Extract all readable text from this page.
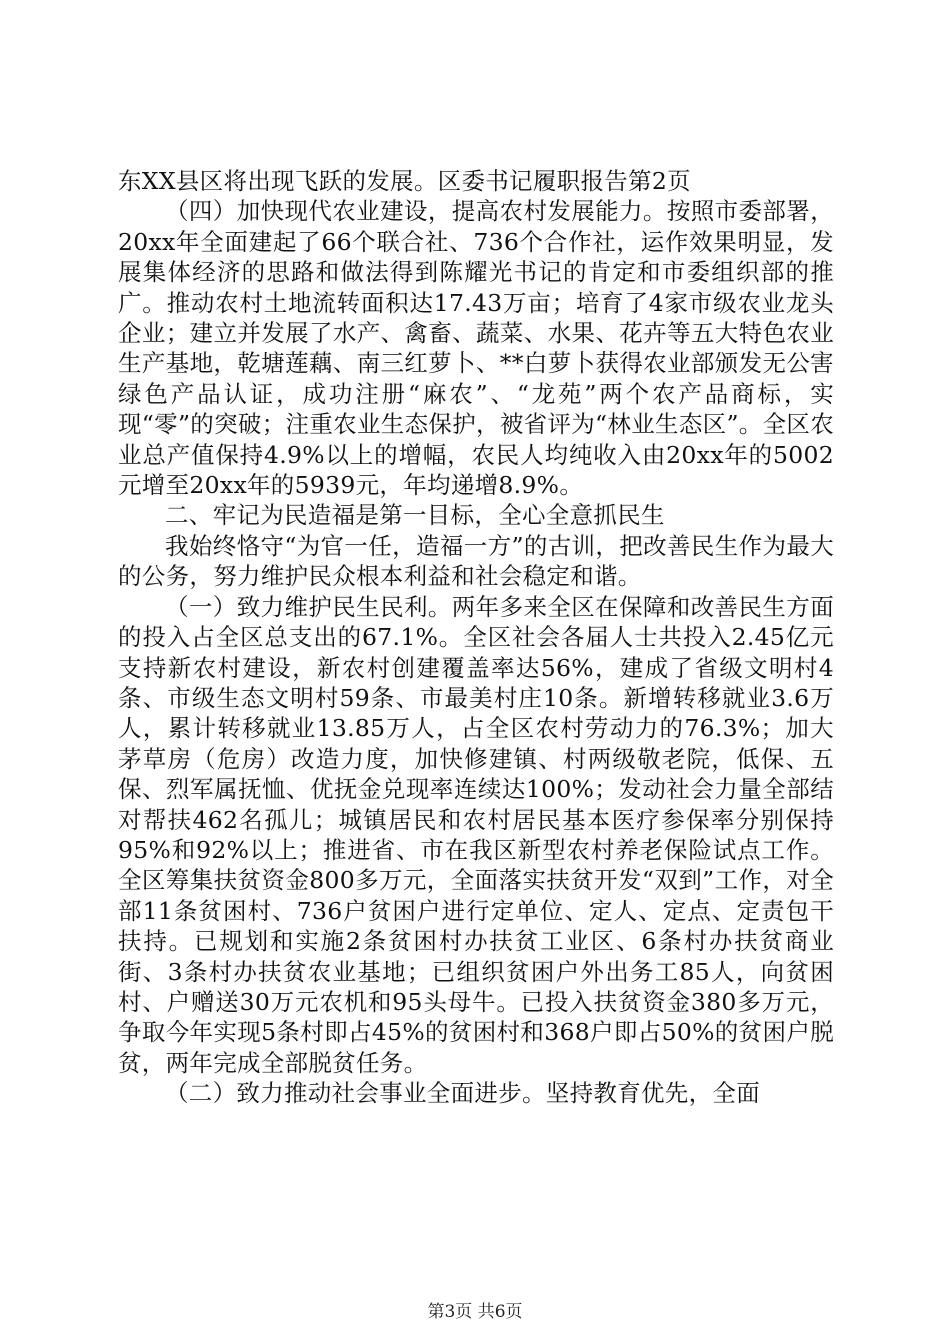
东XX县区将出现飞跃的发展。区委书记履职报告第2页

（四）加快现代农业建设，提高农村发展能力。按照市委部署，20xx年全面建起了66个联合社、736个合作社，运作效果明显，发展集体经济的思路和做法得到陈耀光书记的肯定和市委组织部的推广。推动农村土地流转面积达17.43万亩；培育了4家市级农业龙头企业；建立并发展了水产、禽畜、蔬菜、水果、花卉等五大特色农业生产基地，乾塘莲藕、南三红萝卜、**白萝卜获得农业部颁发无公害绿色产品认证，成功注册“麻农”、“龙苑”两个农产品商标，实现“零”的突破；注重农业生态保护，被省评为“林业生态区”。全区农业总产值保持4.9%以上的增幅，农民人均纯收入由20xx年的5002元增至20xx年的5939元，年均递增8.9%。

二、牢记为民造福是第一目标，全心全意抓民生

我始终恪守“为官一任，造福一方”的古训，把改善民生作为最大的公务，努力维护民众根本利益和社会稳定和谐。

（一）致力维护民生民利。两年多来全区在保障和改善民生方面的投入占全区总支出的67.1%。全区社会各届人士共投入2.45亿元支持新农村建设，新农村创建覆盖率达56%，建成了省级文明村4条、市级生态文明村59条、市最美村庄10条。新增转移就业3.6万人，累计转移就业13.85万人，占全区农村劳动力的76.3%；加大茅草房（危房）改造力度，加快修建镇、村两级敬老院，低保、五保、烈军属抚恤、优抚金兑现率连续达100%；发动社会力量全部结对帮扶462名孤儿；城镇居民和农村居民基本医疗参保率分别保持95%和92%以上；推进省、市在我区新型农村养老保险试点工作。全区筹集扶贫资金800多万元，全面落实扶贫开发“双到”工作，对全部11条贫困村、736户贫困户进行定单位、定人、定点、定责包干扶持。已规划和实施2条贫困村办扶贫工业区、6条村办扶贫商业街、3条村办扶贫农业基地；已组织贫困户外出务工85人，向贫困村、户赠送30万元农机和95头母牛。已投入扶贫资金380多万元，争取今年实现5条村即占45%的贫困村和368户即占50%的贫困户脱贫，两年完成全部脱贫任务。

（二）致力推动社会事业全面进步。坚持教育优先，全面

第3页 共6页
